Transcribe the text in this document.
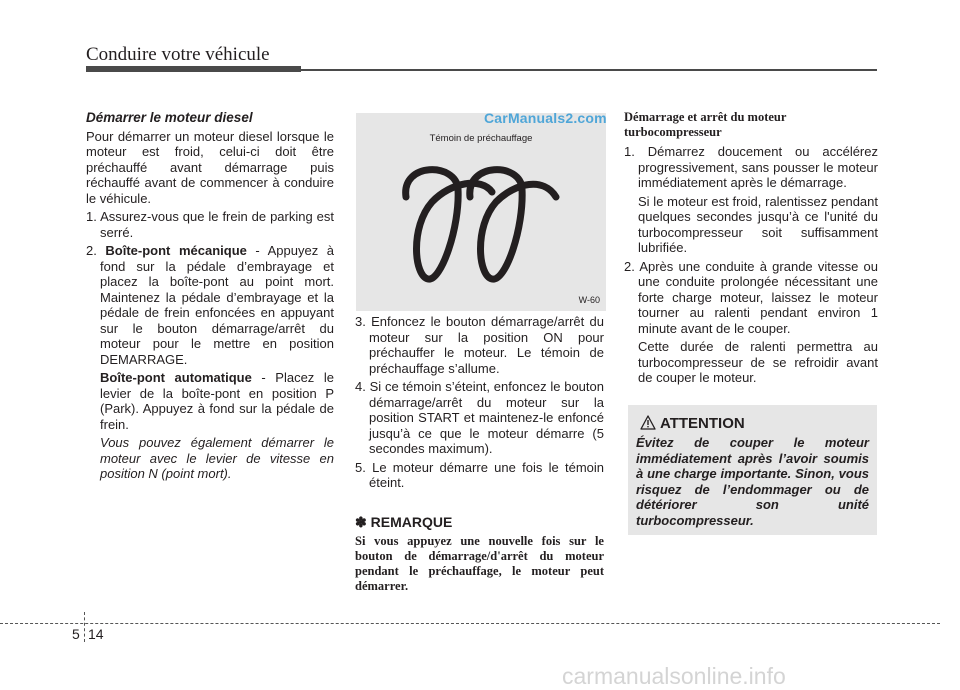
Conduire votre véhicule
Démarrer le moteur diesel

Pour démarrer un moteur diesel lorsque le moteur est froid, celui-ci doit être préchauffé avant démarrage puis réchauffé avant de commencer à conduire le véhicule.

1. Assurez-vous que le frein de parking est serré.
2. Boîte-pont mécanique - Appuyez à fond sur la pédale d’embrayage et placez la boîte-pont au point mort. Maintenez la pédale d’embrayage et la pédale de frein enfoncées en appuyant sur le bouton démarrage/arrêt du moteur pour le mettre en position DEMARRAGE.
Boîte-pont automatique - Placez le levier de la boîte-pont en position P (Park). Appuyez à fond sur la pédale de frein.
Vous pouvez également démarrer le moteur avec le levier de vitesse en position N (point mort).
Témoin de préchauffage
W-60
CarManuals2.com
3. Enfoncez le bouton démarrage/arrêt du moteur sur la position ON pour préchauffer le moteur. Le témoin de préchauffage s’allume.
4. Si ce témoin s’éteint, enfoncez le bouton démarrage/arrêt du moteur sur la position START et maintenez-le enfoncé jusqu’à ce que le moteur démarre (5 secondes maximum).
5. Le moteur démarre une fois le témoin éteint.
✽ REMARQUE
Si vous appuyez une nouvelle fois sur le bouton de démarrage/d'arrêt du moteur pendant le préchauffage, le moteur peut démarrer.
Démarrage et arrêt du moteur turbocompresseur
1. Démarrez doucement ou accélérez progressivement, sans pousser le moteur immédiatement après le démarrage.
Si le moteur est froid, ralentissez pendant quelques secondes jusqu’à ce l'unité du turbocompresseur soit suffisamment lubrifiée.
2. Après une conduite à grande vitesse ou une conduite prolongée nécessitant une forte charge moteur, laissez le moteur tourner au ralenti pendant environ 1 minute avant de le couper.
Cette durée de ralenti permettra au turbocompresseur de se refroidir avant de couper le moteur.
ATTENTION
Évitez de couper le moteur immédiatement après l’avoir soumis à une charge importante. Sinon, vous risquez de l’endommager ou de détériorer son unité turbocompresseur.
5 14
carmanualsonline.info
